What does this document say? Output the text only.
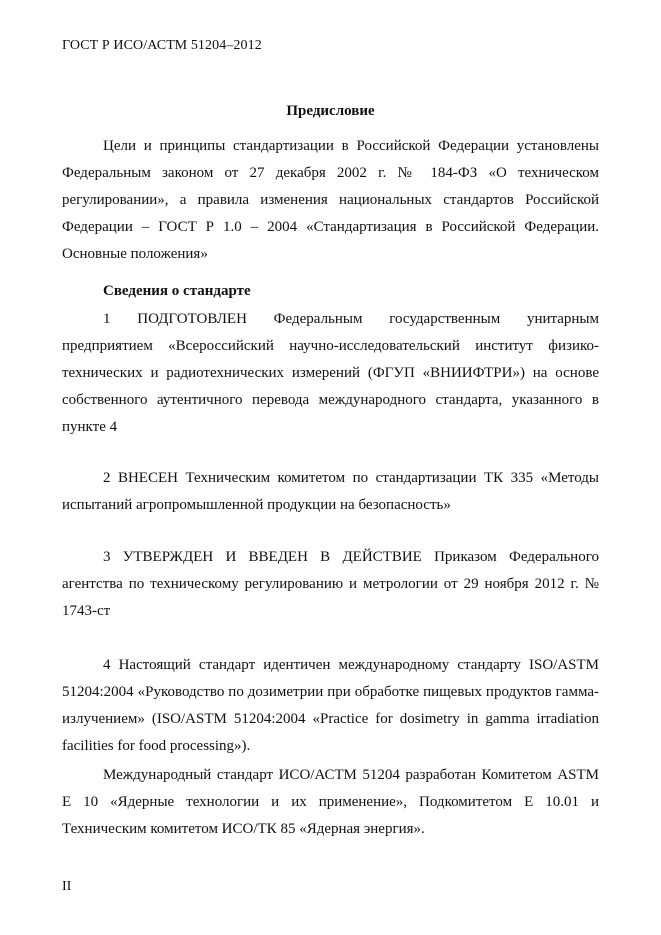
ГОСТ Р ИСО/АСТМ 51204–2012
Предисловие

Цели и принципы стандартизации в Российской Федерации установлены Федеральным законом от 27 декабря 2002 г. № 184-ФЗ «О техническом регулировании», а правила изменения национальных стандартов Российской Федерации – ГОСТ Р 1.0 – 2004 «Стандартизация в Российской Федерации. Основные положения»

Сведения о стандарте

1 ПОДГОТОВЛЕН Федеральным государственным унитарным предприятием «Всероссийский научно-исследовательский институт физико-технических и радиотехнических измерений (ФГУП «ВНИИФТРИ») на основе собственного аутентичного перевода международного стандарта, указанного в пункте 4

2 ВНЕСЕН Техническим комитетом по стандартизации ТК 335 «Методы испытаний агропромышленной продукции на безопасность»

3 УТВЕРЖДЕН И ВВЕДЕН В ДЕЙСТВИЕ Приказом Федерального агентства по техническому регулированию и метрологии от 29 ноября 2012 г. № 1743-ст

4 Настоящий стандарт идентичен международному стандарту ISO/ASTM 51204:2004 «Руководство по дозиметрии при обработке пищевых продуктов гамма-излучением» (ISO/ASTM 51204:2004 «Practice for dosimetry in gamma irradiation facilities for food processing»).

Международный стандарт ИСО/АСТМ 51204 разработан Комитетом ASTM E 10 «Ядерные технологии и их применение», Подкомитетом E 10.01 и Техническим комитетом ИСО/ТК 85 «Ядерная энергия».

II
